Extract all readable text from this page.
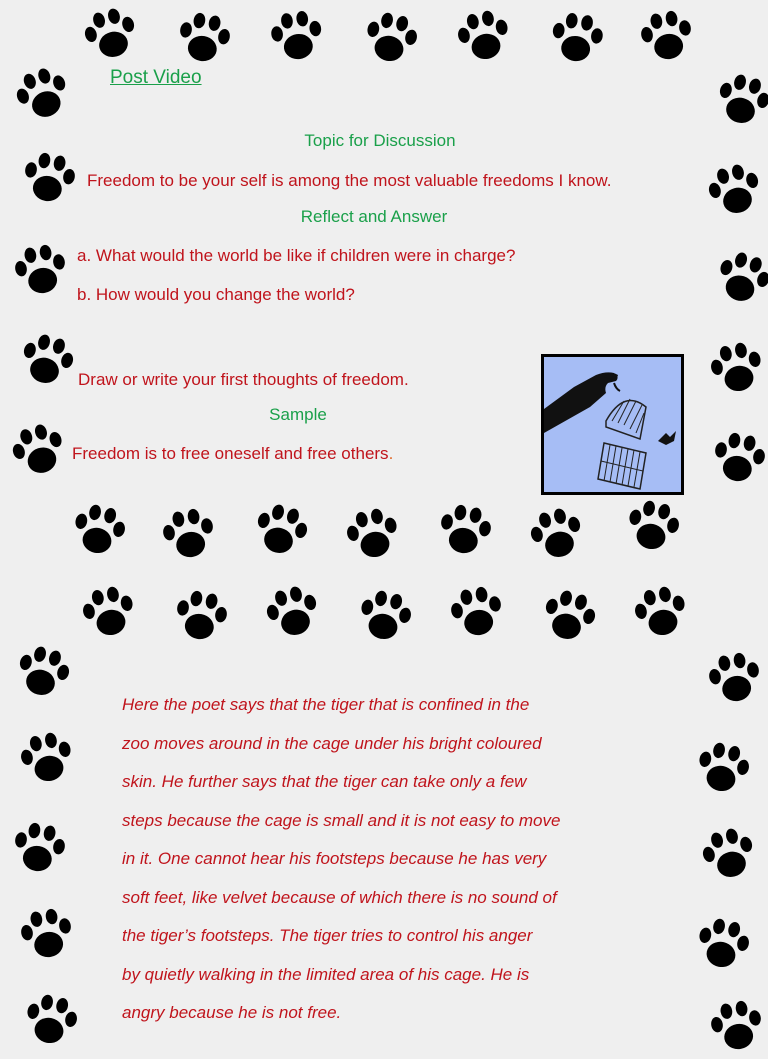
Post Video
Topic for Discussion
Freedom to be your self is among the most valuable freedoms I know.
Reflect and Answer
a. What would the world be like if children were in charge?
b. How would you change the world?
Draw or write your first thoughts of freedom.
Sample
Freedom is to free oneself and free others.

Here the poet says that the tiger that is confined in the

zoo moves around in the cage under his bright coloured

skin. He further says that the tiger can take only a few

steps because the cage is small and it is not easy to move

in it. One cannot hear his footsteps because he has very

soft feet, like velvet because of which there is no sound of

the tiger’s footsteps. The tiger tries to control his anger

by quietly walking in the limited area of his cage. He is

angry because he is not free.
